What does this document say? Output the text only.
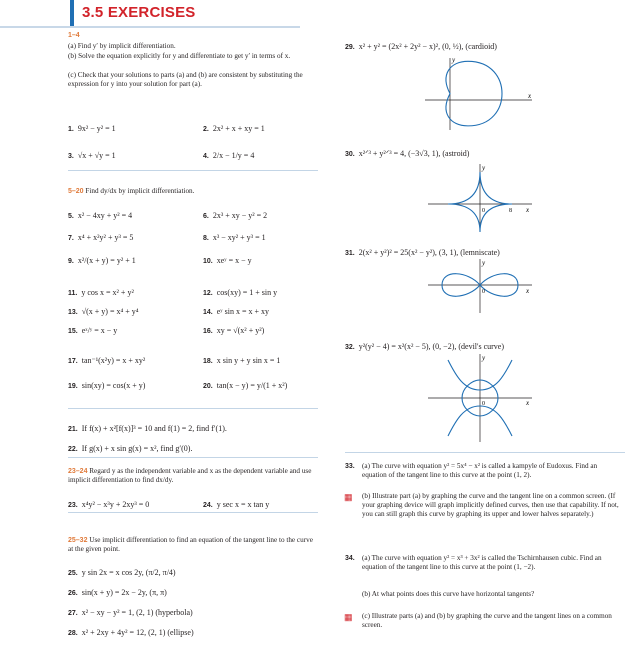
3.5 EXERCISES
1–4
(a) Find y′ by implicit differentiation.
(b) Solve the equation explicitly for y and differentiate to get y′ in terms of x.
(c) Check that your solutions to parts (a) and (b) are consistent by substituting the expression for y into your solution for part (a).
1. 9x² − y² = 1	2. 2x² + x + xy = 1
3. √x + √y = 1	4. 2/x − 1/y = 4
5–20 Find dy/dx by implicit differentiation.
5. x² − 4xy + y² = 4	6. 2x³ + xy − y² = 2
7. x⁴ + x²y² + y³ = 5	8. x³ − xy² + y³ = 1
9. x²/(x + y) = y² + 1	10. xeʸ = x − y
11. y cos x = x² + y²	12. cos(xy) = 1 + sin y
13. √(x + y) = x⁴ + y⁴	14. eʸ sin x = x + xy
15. eˣ/ʸ = x − y	16. xy = √(x² + y²)
17. tan⁻¹(x²y) = x + xy²	18. x sin y + y sin x = 1
19. sin(xy) = cos(x + y)	20. tan(x − y) = y/(1 + x²)
21. If f(x) + x²[f(x)]³ = 10 and f(1) = 2, find f′(1).
22. If g(x) + x sin g(x) = x², find g′(0).
23–24 Regard y as the independent variable and x as the dependent variable and use implicit differentiation to find dx/dy.
23. x⁴y² − x³y + 2xy³ = 0	24. y sec x = x tan y
25–32 Use implicit differentiation to find an equation of the tangent line to the curve at the given point.
25. y sin 2x = x cos 2y, (π/2, π/4)
26. sin(x + y) = 2x − 2y, (π, π)
27. x² − xy − y² = 1, (2, 1) (hyperbola)
28. x² + 2xy + 4y² = 12, (2, 1) (ellipse)
29. x² + y² = (2x² + 2y² − x)², (0, ½), (cardioid)
y
x
30. x²ᐟ³ + y²ᐟ³ = 4, (−3√3, 1), (astroid)
y
0	8 x
31. 2(x² + y²)² = 25(x² − y²), (3, 1), (lemniscate)
y
0	x
32. y²(y² − 4) = x²(x² − 5), (0, −2), (devil's curve)
y
0	x
33. (a) The curve with equation y² = 5x⁴ − x² is called a kampyle of Eudoxus. Find an equation of the tangent line to this curve at the point (1, 2).
▦ (b) Illustrate part (a) by graphing the curve and the tangent line on a common screen. (If your graphing device will graph implicitly defined curves, then use that capability. If not, you can still graph this curve by graphing its upper and lower halves separately.)
34. (a) The curve with equation y² = x³ + 3x² is called the Tschirnhausen cubic. Find an equation of the tangent line to this curve at the point (1, −2).
(b) At what points does this curve have horizontal tangents?
▦ (c) Illustrate parts (a) and (b) by graphing the curve and the tangent lines on a common screen.
